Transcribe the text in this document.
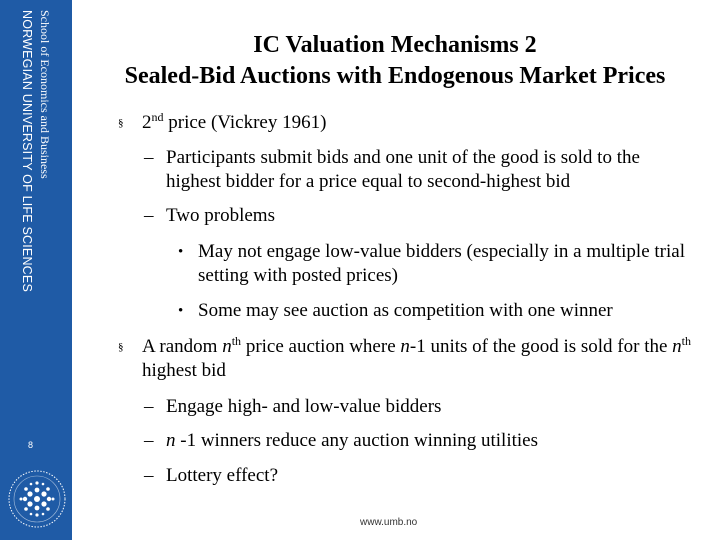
School of Economics and Business
NORWEGIAN UNIVERSITY OF LIFE SCIENCES
8
IC Valuation Mechanisms 2
Sealed-Bid Auctions with Endogenous Market Prices
§ 2nd price (Vickrey 1961)
– Participants submit bids and one unit of the good is sold to the highest bidder for a price equal to second-highest bid
– Two problems
• May not engage low-value bidders (especially in a multiple trial setting with posted prices)
• Some may see auction as competition with one winner
§ A random $n^{th}$ price auction where n-1 units of the good is sold for the $n^{th}$ highest bid
– Engage high- and low-value bidders
– n -1 winners reduce any auction winning utilities
– Lottery effect?
www.umb.no
